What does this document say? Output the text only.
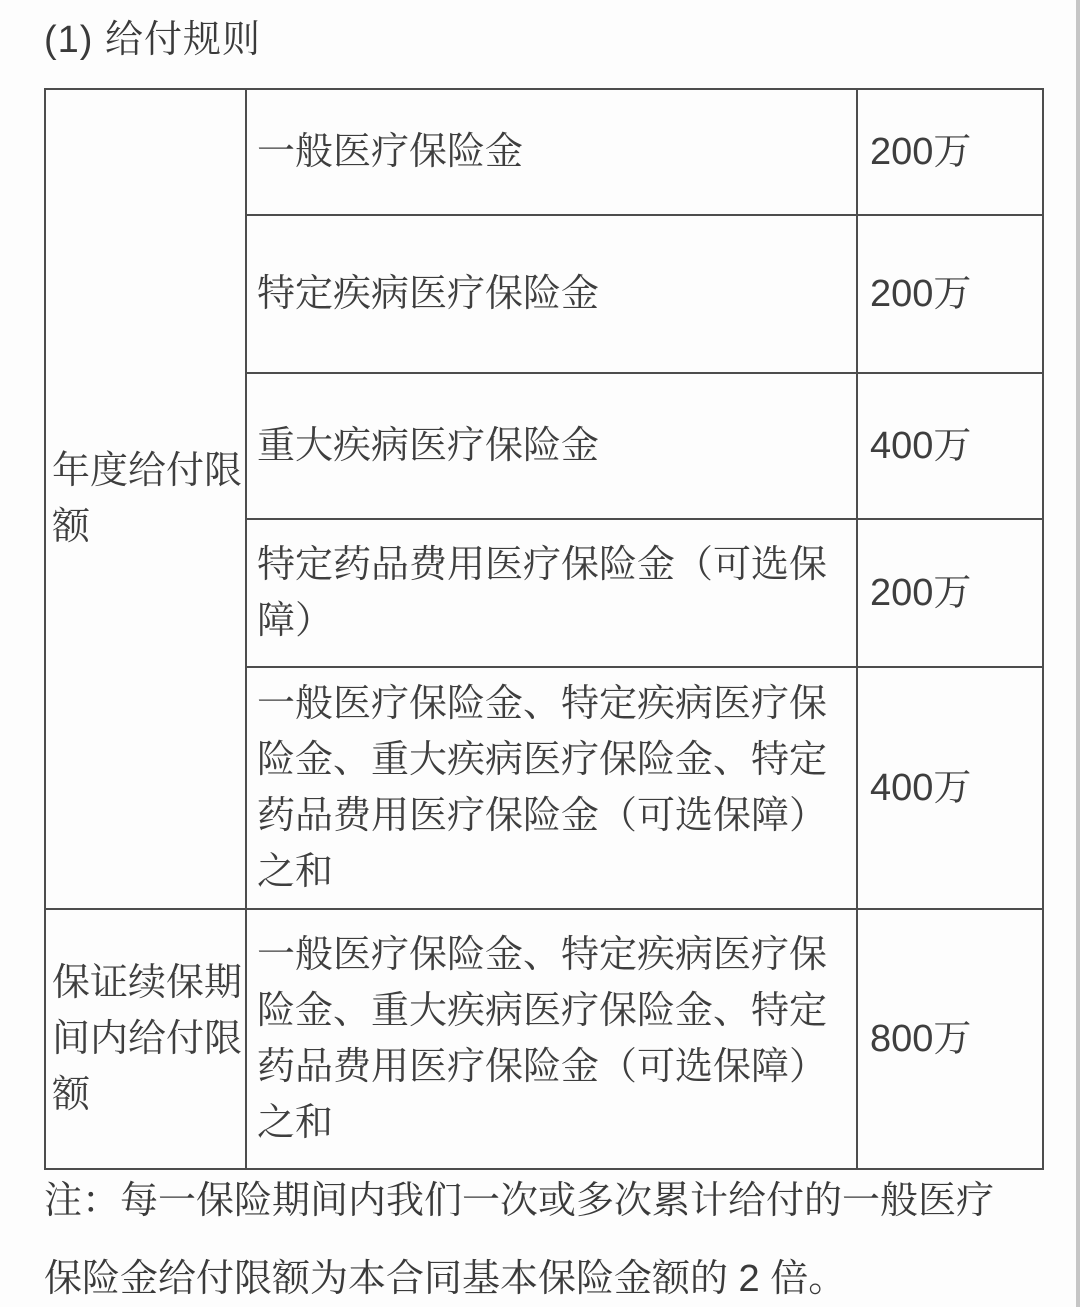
(1) 给付规则
年度给付限额	一般医疗保险金	200万
	特定疾病医疗保险金	200万
	重大疾病医疗保险金	400万
	特定药品费用医疗保险金（可选保障）	200万
	一般医疗保险金、特定疾病医疗保险金、重大疾病医疗保险金、特定药品费用医疗保险金（可选保障）之和	400万
保证续保期间内给付限额	一般医疗保险金、特定疾病医疗保险金、重大疾病医疗保险金、特定药品费用医疗保险金（可选保障）之和	800万
注：每一保险期间内我们一次或多次累计给付的一般医疗
保险金给付限额为本合同基本保险金额的 2 倍。
